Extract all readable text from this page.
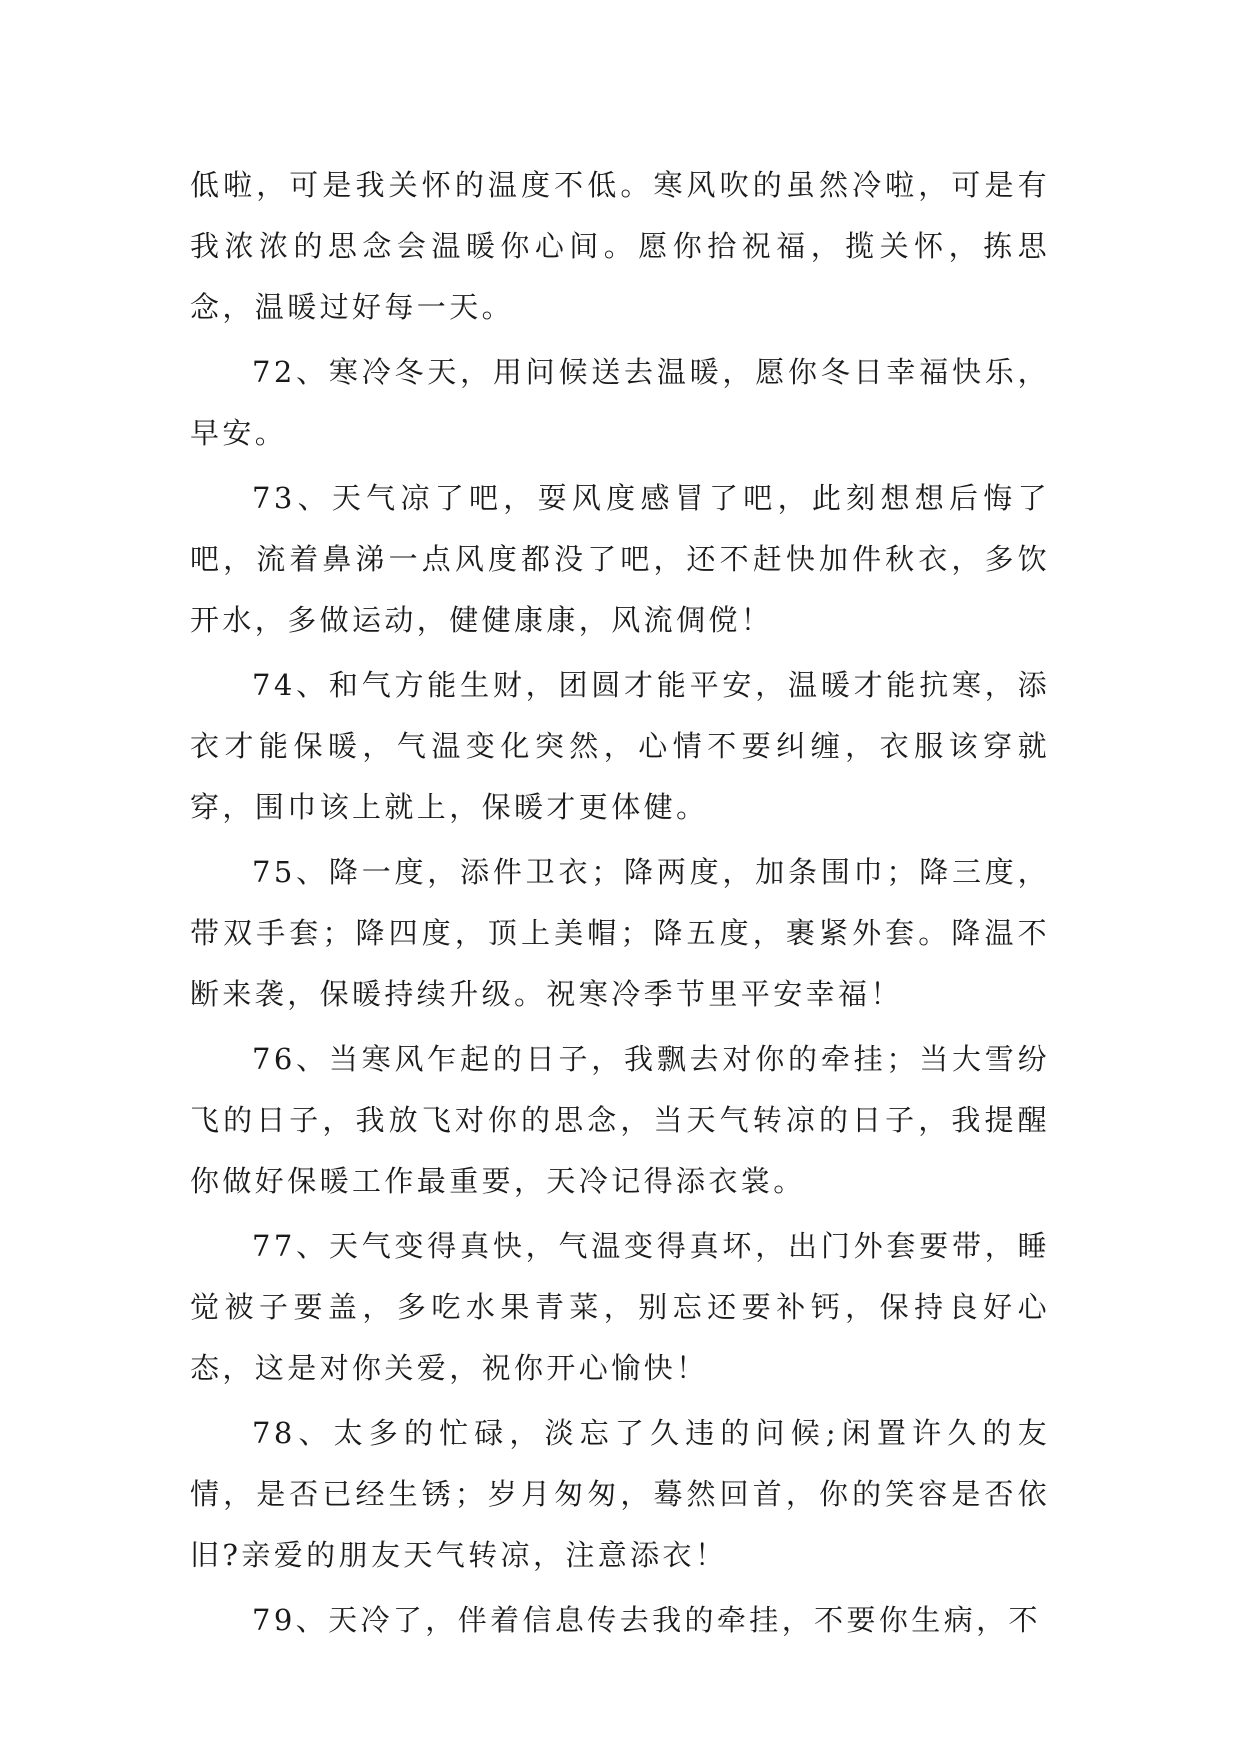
低啦，可是我关怀的温度不低。寒风吹的虽然冷啦，可是有我浓浓的思念会温暖你心间。愿你拾祝福，揽关怀，拣思念，温暖过好每一天。

72、寒冷冬天，用问候送去温暖，愿你冬日幸福快乐，早安。

73、天气凉了吧，耍风度感冒了吧，此刻想想后悔了吧，流着鼻涕一点风度都没了吧，还不赶快加件秋衣，多饮开水，多做运动，健健康康，风流倜傥！

74、和气方能生财，团圆才能平安，温暖才能抗寒，添衣才能保暖，气温变化突然，心情不要纠缠，衣服该穿就穿，围巾该上就上，保暖才更体健。

75、降一度，添件卫衣；降两度，加条围巾；降三度，带双手套；降四度，顶上美帽；降五度，裹紧外套。降温不断来袭，保暖持续升级。祝寒冷季节里平安幸福！

76、当寒风乍起的日子，我飘去对你的牵挂；当大雪纷飞的日子，我放飞对你的思念，当天气转凉的日子，我提醒你做好保暖工作最重要，天冷记得添衣裳。

77、天气变得真快，气温变得真坏，出门外套要带，睡觉被子要盖，多吃水果青菜，别忘还要补钙，保持良好心态，这是对你关爱，祝你开心愉快！

78、太多的忙碌，淡忘了久违的问候;闲置许久的友情，是否已经生锈；岁月匆匆，蓦然回首，你的笑容是否依旧?亲爱的朋友天气转凉，注意添衣！

79、天冷了，伴着信息传去我的牵挂，不要你生病，不
